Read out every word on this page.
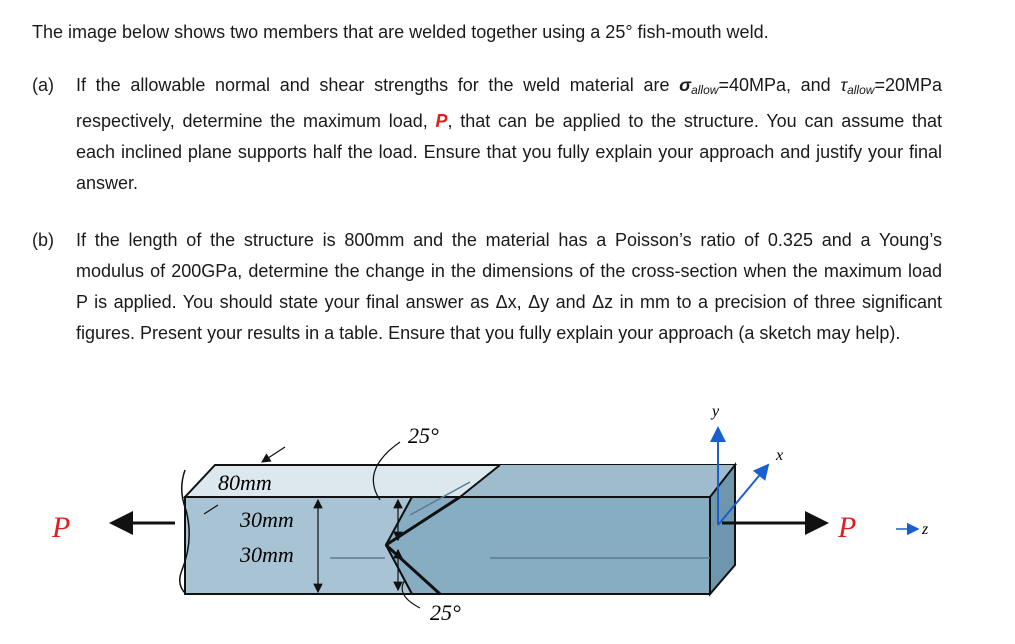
The image below shows two members that are welded together using a 25° fish-mouth weld.
(a) If the allowable normal and shear strengths for the weld material are $\sigma_{allow}=40MPa$, and $\tau_{allow}=20MPa$ respectively, determine the maximum load, P, that can be applied to the structure. You can assume that each inclined plane supports half the load. Ensure that you fully explain your approach and justify your final answer.
(b) If the length of the structure is 800mm and the material has a Poisson’s ratio of 0.325 and a Young’s modulus of 200GPa, determine the change in the dimensions of the cross-section when the maximum load P is applied. You should state your final answer as Δx, Δy and Δz in mm to a precision of three significant figures. Present your results in a table. Ensure that you fully explain your approach (a sketch may help).
P	P
80mm
30mm
30mm
25°
25°
y
x
z
